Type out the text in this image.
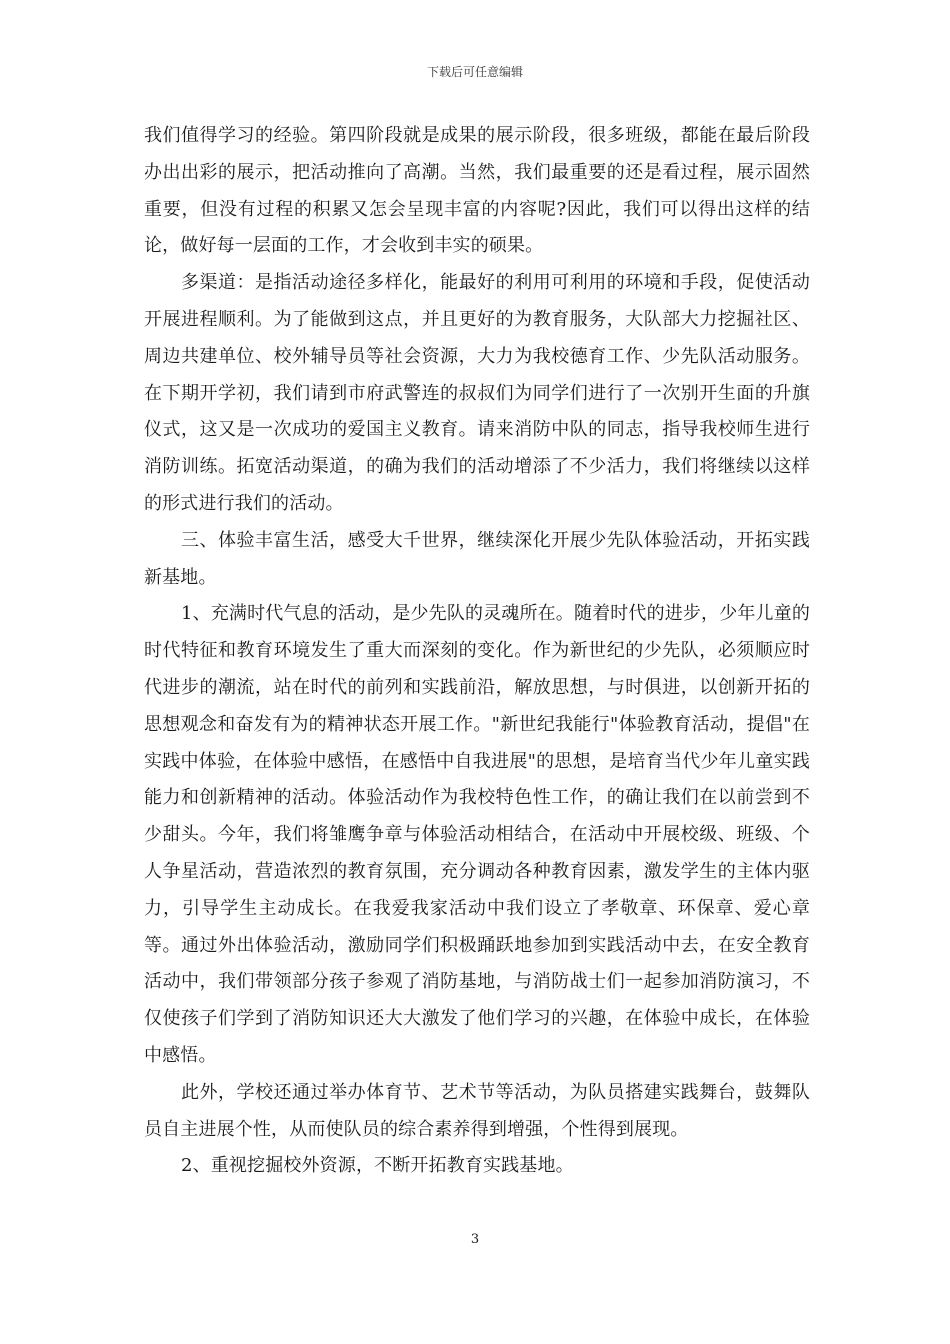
下载后可任意编辑

我们值得学习的经验。第四阶段就是成果的展示阶段，很多班级，都能在最后阶段办出出彩的展示，把活动推向了高潮。当然，我们最重要的还是看过程，展示固然重要，但没有过程的积累又怎会呈现丰富的内容呢?因此，我们可以得出这样的结论，做好每一层面的工作，才会收到丰实的硕果。

多渠道：是指活动途径多样化，能最好的利用可利用的环境和手段，促使活动开展进程顺利。为了能做到这点，并且更好的为教育服务，大队部大力挖掘社区、周边共建单位、校外辅导员等社会资源，大力为我校德育工作、少先队活动服务。在下期开学初，我们请到市府武警连的叔叔们为同学们进行了一次别开生面的升旗仪式，这又是一次成功的爱国主义教育。请来消防中队的同志，指导我校师生进行消防训练。拓宽活动渠道，的确为我们的活动增添了不少活力，我们将继续以这样的形式进行我们的活动。

三、体验丰富生活，感受大千世界，继续深化开展少先队体验活动，开拓实践新基地。

1、充满时代气息的活动，是少先队的灵魂所在。随着时代的进步，少年儿童的时代特征和教育环境发生了重大而深刻的变化。作为新世纪的少先队，必须顺应时代进步的潮流，站在时代的前列和实践前沿，解放思想，与时俱进，以创新开拓的思想观念和奋发有为的精神状态开展工作。"新世纪我能行"体验教育活动，提倡"在实践中体验，在体验中感悟，在感悟中自我进展"的思想，是培育当代少年儿童实践能力和创新精神的活动。体验活动作为我校特色性工作，的确让我们在以前尝到不少甜头。今年，我们将雏鹰争章与体验活动相结合，在活动中开展校级、班级、个人争星活动，营造浓烈的教育氛围，充分调动各种教育因素，激发学生的主体内驱力，引导学生主动成长。在我爱我家活动中我们设立了孝敬章、环保章、爱心章等。通过外出体验活动，激励同学们积极踊跃地参加到实践活动中去，在安全教育活动中，我们带领部分孩子参观了消防基地，与消防战士们一起参加消防演习，不仅使孩子们学到了消防知识还大大激发了他们学习的兴趣，在体验中成长，在体验中感悟。

此外，学校还通过举办体育节、艺术节等活动，为队员搭建实践舞台，鼓舞队员自主进展个性，从而使队员的综合素养得到增强，个性得到展现。

2、重视挖掘校外资源，不断开拓教育实践基地。

3
